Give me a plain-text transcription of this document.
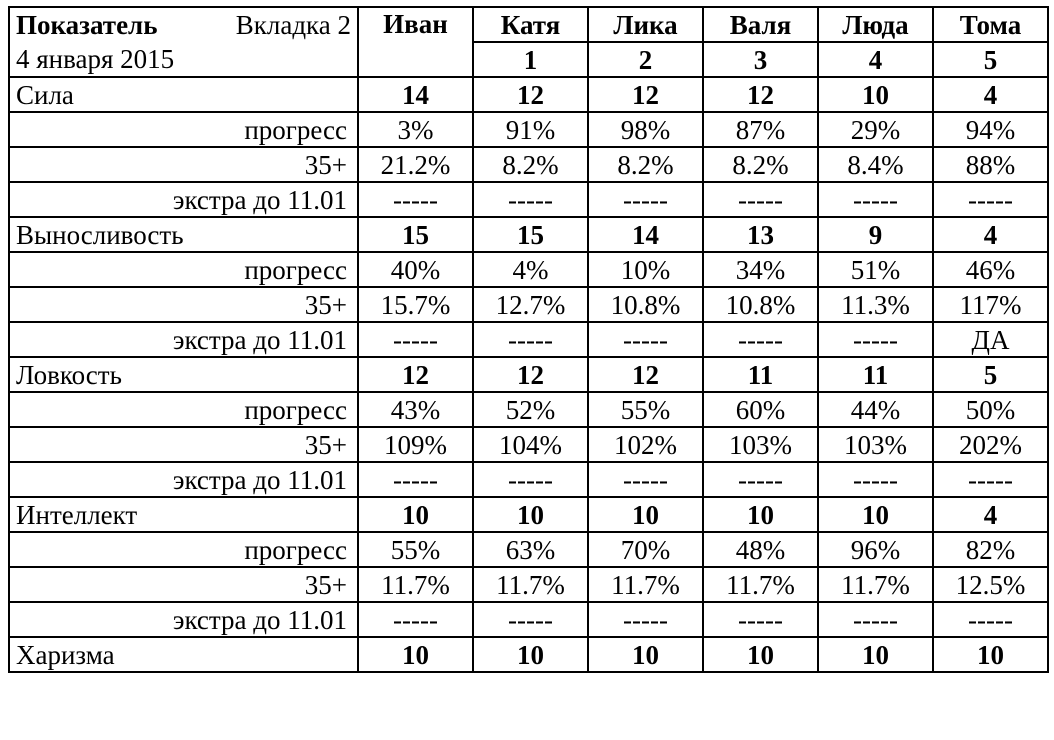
Показатель Вкладка 2	Иван	Катя	Лика	Валя	Люда	Тома
4 января 2015		1	2	3	4	5
Сила	14	12	12	12	10	4
прогресс	3%	91%	98%	87%	29%	94%
35+	21.2%	8.2%	8.2%	8.2%	8.4%	88%
экстра до 11.01	-----	-----	-----	-----	-----	-----
Выносливость	15	15	14	13	9	4
прогресс	40%	4%	10%	34%	51%	46%
35+	15.7%	12.7%	10.8%	10.8%	11.3%	117%
экстра до 11.01	-----	-----	-----	-----	-----	ДА
Ловкость	12	12	12	11	11	5
прогресс	43%	52%	55%	60%	44%	50%
35+	109%	104%	102%	103%	103%	202%
экстра до 11.01	-----	-----	-----	-----	-----	-----
Интеллект	10	10	10	10	10	4
прогресс	55%	63%	70%	48%	96%	82%
35+	11.7%	11.7%	11.7%	11.7%	11.7%	12.5%
экстра до 11.01	-----	-----	-----	-----	-----	-----
Харизма	10	10	10	10	10	10
